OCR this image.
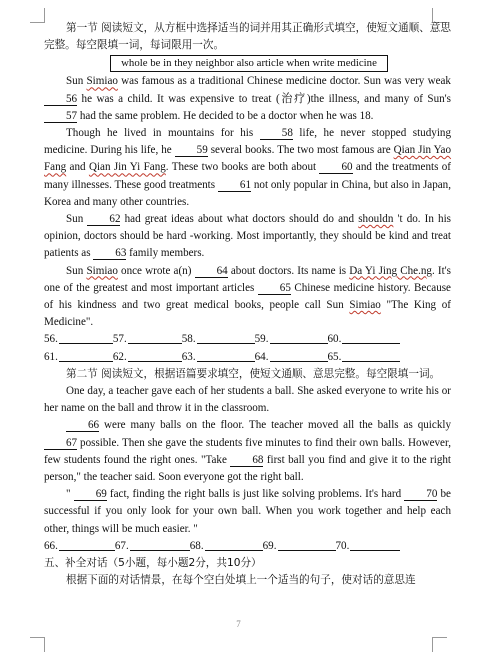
第一节 阅读短文，从方框中选择适当的词并用其正确形式填空，使短文通顺、意思完整。每空限填一词，每词限用一次。

whole be in they neighbor also article when write medicine

Sun Simiao was famous as a traditional Chinese medicine doctor. Sun was very weak 56 he was a child. It was expensive to treat (治疗)the illness, and many of Sun's 57 had the same problem. He decided to be a doctor when he was 18.

Though he lived in mountains for his 58 life, he never stopped studying medicine. During his life, he 59 several books. The two most famous are Qian Jin Yao Fang and Qian Jin Yi Fang. These two books are both about 60 and the treatments of many illnesses. These good treatments 61 not only popular in China, but also in Japan, Korea and many other countries.

Sun 62 had great ideas about what doctors should do and shouldn 't do. In his opinion, doctors should be hard -working. Most importantly, they should be kind and treat patients as 63 family members.

Sun Simiao once wrote a(n) 64 about doctors. Its name is Da Yi Jing Che.ng. It's one of the greatest and most important articles 65 Chinese medicine history. Because of his kindness and two great medical books, people call Sun Simiao "The King of Medicine".

56.	57.	58.	59.	60.
61.	62.	63.	64.	65.

第二节 阅读短文，根据语篇要求填空，使短文通顺、意思完整。每空限填一词。

One day, a teacher gave each of her students a ball. She asked everyone to write his or her name on the ball and throw it in the classroom.

66 were many balls on the floor. The teacher moved all the balls as quickly 67 possible. Then she gave the students five minutes to find their own balls. However, few students found the right ones. "Take 68 first ball you find and give it to the right person," the teacher said. Soon everyone got the right ball.

" 69 fact, finding the right balls is just like solving problems. It's hard 70 be successful if you only look for your own ball. When you work together and help each other, things will be much easier. "

66.	67.	68.	69.	70.

五、补全对话（5小题，每小题2分，共10分）

根据下面的对话情景，在每个空白处填上一个适当的句子，使对话的意思连

7
